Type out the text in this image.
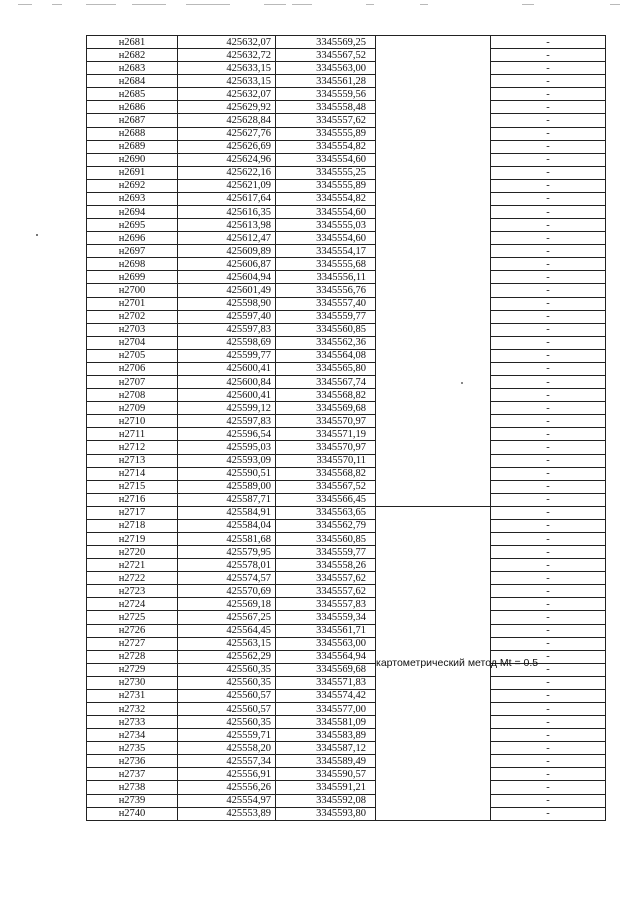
н2681	425632,07	3345569,25		-
н2682	425632,72	3345567,52		-
н2683	425633,15	3345563,00		-
н2684	425633,15	3345561,28		-
н2685	425632,07	3345559,56		-
н2686	425629,92	3345558,48		-
н2687	425628,84	3345557,62		-
н2688	425627,76	3345555,89		-
н2689	425626,69	3345554,82		-
н2690	425624,96	3345554,60		-
н2691	425622,16	3345555,25		-
н2692	425621,09	3345555,89		-
н2693	425617,64	3345554,82		-
н2694	425616,35	3345554,60		-
н2695	425613,98	3345555,03		-
н2696	425612,47	3345554,60		-
н2697	425609,89	3345554,17		-
н2698	425606,87	3345555,68		-
н2699	425604,94	3345556,11		-
н2700	425601,49	3345556,76		-
н2701	425598,90	3345557,40		-
н2702	425597,40	3345559,77		-
н2703	425597,83	3345560,85		-
н2704	425598,69	3345562,36		-
н2705	425599,77	3345564,08		-
н2706	425600,41	3345565,80		-
н2707	425600,84	3345567,74		-
н2708	425600,41	3345568,82		-
н2709	425599,12	3345569,68		-
н2710	425597,83	3345570,97		-
н2711	425596,54	3345571,19		-
н2712	425595,03	3345570,97		-
н2713	425593,09	3345570,11		-
н2714	425590,51	3345568,82		-
н2715	425589,00	3345567,52		-
н2716	425587,71	3345566,45		-
н2717	425584,91	3345563,65	картометрический метод Mt = 0.5	-
н2718	425584,04	3345562,79		-
н2719	425581,68	3345560,85		-
н2720	425579,95	3345559,77		-
н2721	425578,01	3345558,26		-
н2722	425574,57	3345557,62		-
н2723	425570,69	3345557,62		-
н2724	425569,18	3345557,83		-
н2725	425567,25	3345559,34		-
н2726	425564,45	3345561,71		-
н2727	425563,15	3345563,00		-
н2728	425562,29	3345564,94		-
н2729	425560,35	3345569,68		-
н2730	425560,35	3345571,83		-
н2731	425560,57	3345574,42		-
н2732	425560,57	3345577,00		-
н2733	425560,35	3345581,09		-
н2734	425559,71	3345583,89		-
н2735	425558,20	3345587,12		-
н2736	425557,34	3345589,49		-
н2737	425556,91	3345590,57		-
н2738	425556,26	3345591,21		-
н2739	425554,97	3345592,08		-
н2740	425553,89	3345593,80		-
